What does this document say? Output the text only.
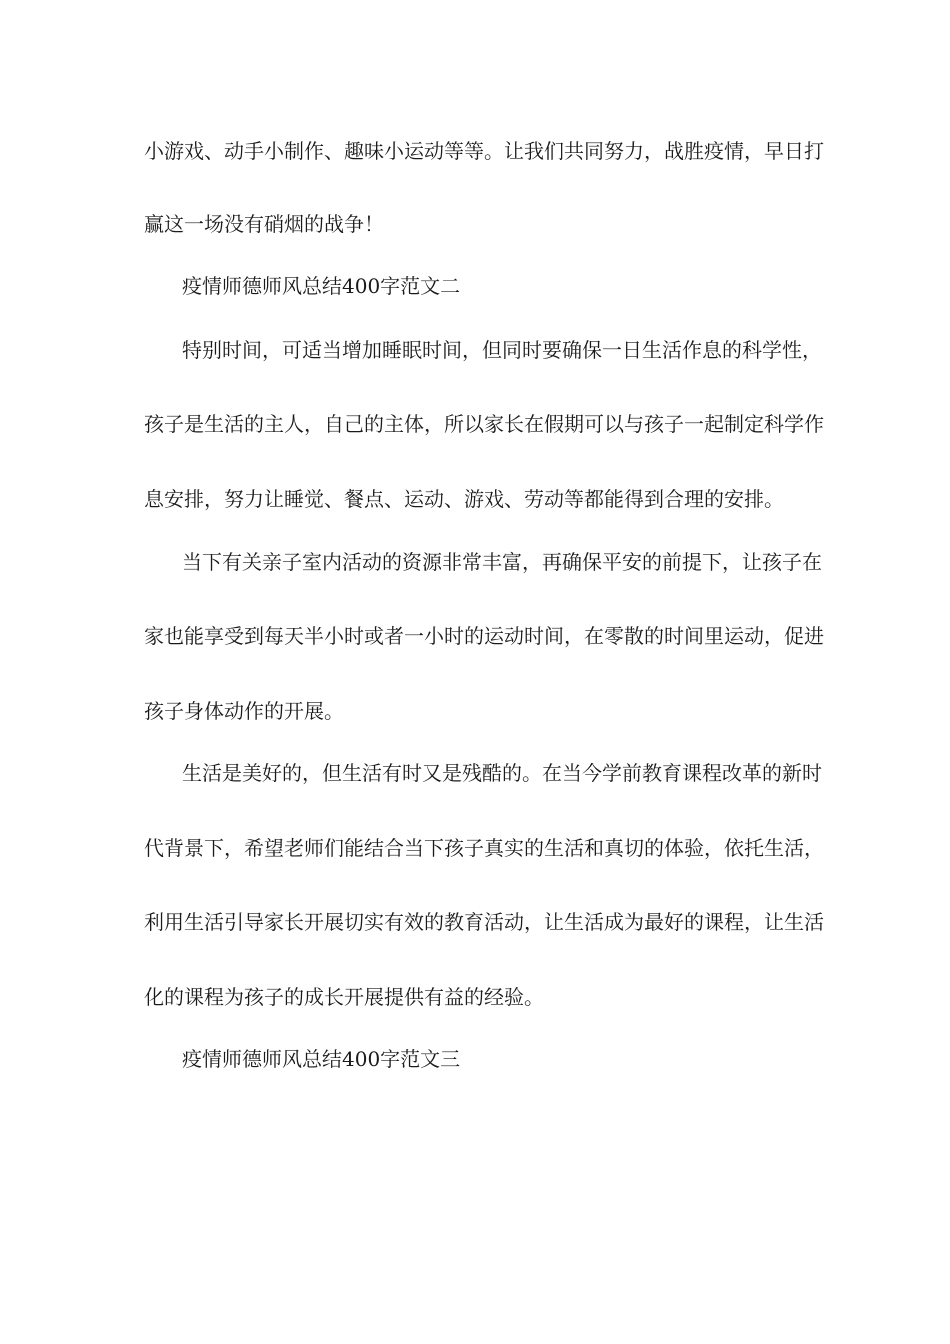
小游戏、动手小制作、趣味小运动等等。让我们共同努力，战胜疫情，早日打
赢这一场没有硝烟的战争！
疫情师德师风总结400字范文二
特别时间，可适当增加睡眠时间，但同时要确保一日生活作息的科学性，
孩子是生活的主人，自己的主体，所以家长在假期可以与孩子一起制定科学作
息安排，努力让睡觉、餐点、运动、游戏、劳动等都能得到合理的安排。
当下有关亲子室内活动的资源非常丰富，再确保平安的前提下，让孩子在
家也能享受到每天半小时或者一小时的运动时间，在零散的时间里运动，促进
孩子身体动作的开展。
生活是美好的，但生活有时又是残酷的。在当今学前教育课程改革的新时
代背景下，希望老师们能结合当下孩子真实的生活和真切的体验，依托生活，
利用生活引导家长开展切实有效的教育活动，让生活成为最好的课程，让生活
化的课程为孩子的成长开展提供有益的经验。
疫情师德师风总结400字范文三
